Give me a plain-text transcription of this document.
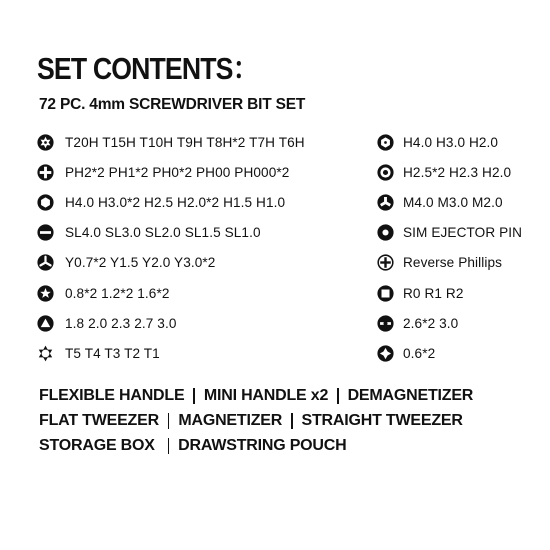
SET CONTENTS：
72 PC. 4mm SCREWDRIVER BIT SET
T20H T15H T10H T9H T8H*2 T7H T6H
PH2*2 PH1*2 PH0*2 PH00 PH000*2
H4.0 H3.0*2 H2.5 H2.0*2 H1.5 H1.0
SL4.0 SL3.0 SL2.0 SL1.5 SL1.0
Y0.7*2 Y1.5 Y2.0 Y3.0*2
0.8*2 1.2*2 1.6*2
1.8 2.0 2.3 2.7 3.0
T5 T4 T3 T2 T1
H4.0 H3.0 H2.0
H2.5*2 H2.3 H2.0
M4.0 M3.0 M2.0
SIM EJECTOR PIN
Reverse Phillips
R0 R1 R2
2.6*2 3.0
0.6*2
FLEXIBLE HANDLE MINI HANDLE x2 DEMAGNETIZER
FLAT TWEEZER MAGNETIZER STRAIGHT TWEEZER
STORAGE BOX DRAWSTRING POUCH
